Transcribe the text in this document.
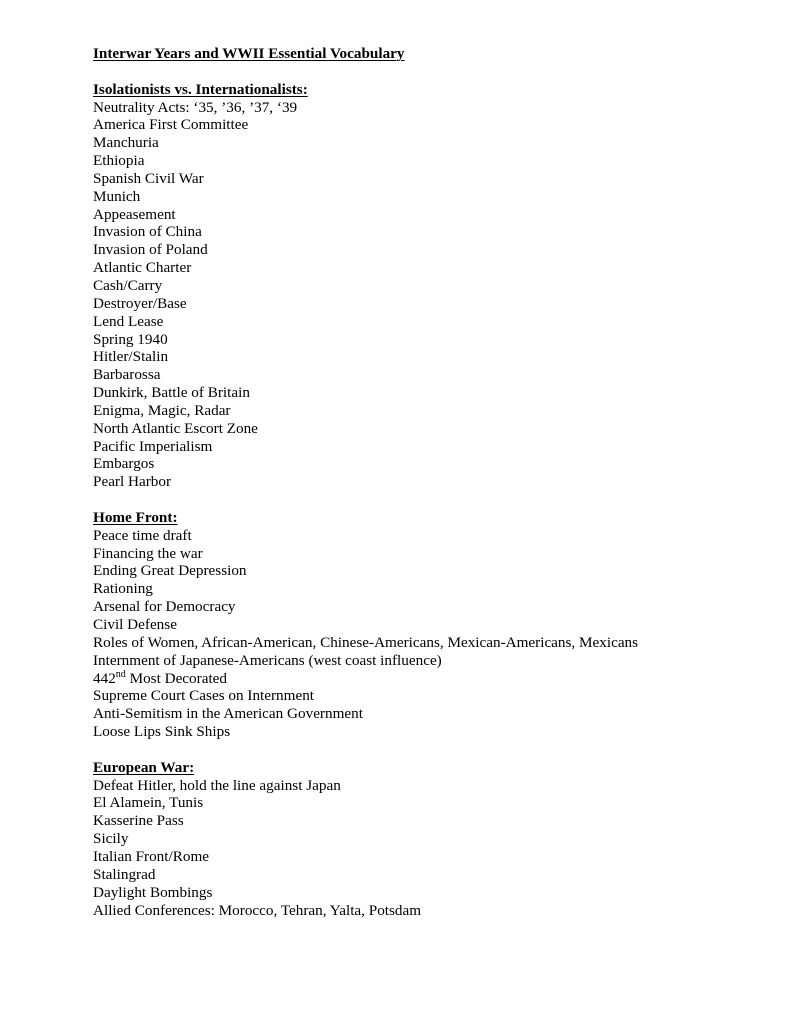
Interwar Years and WWII Essential Vocabulary
Isolationists vs. Internationalists:
Neutrality Acts: ‘35, ’36, ’37, ‘39
America First Committee
Manchuria
Ethiopia
Spanish Civil War
Munich
Appeasement
Invasion of China
Invasion of Poland
Atlantic Charter
Cash/Carry
Destroyer/Base
Lend Lease
Spring 1940
Hitler/Stalin
Barbarossa
Dunkirk, Battle of Britain
Enigma, Magic, Radar
North Atlantic Escort Zone
Pacific Imperialism
Embargos
Pearl Harbor
Home Front:
Peace time draft
Financing the war
Ending Great Depression
Rationing
Arsenal for Democracy
Civil Defense
Roles of Women, African-American, Chinese-Americans, Mexican-Americans, Mexicans
Internment of Japanese-Americans (west coast influence)
442nd Most Decorated
Supreme Court Cases on Internment
Anti-Semitism in the American Government
Loose Lips Sink Ships
European War:
Defeat Hitler, hold the line against Japan
El Alamein, Tunis
Kasserine Pass
Sicily
Italian Front/Rome
Stalingrad
Daylight Bombings
Allied Conferences: Morocco, Tehran, Yalta, Potsdam
